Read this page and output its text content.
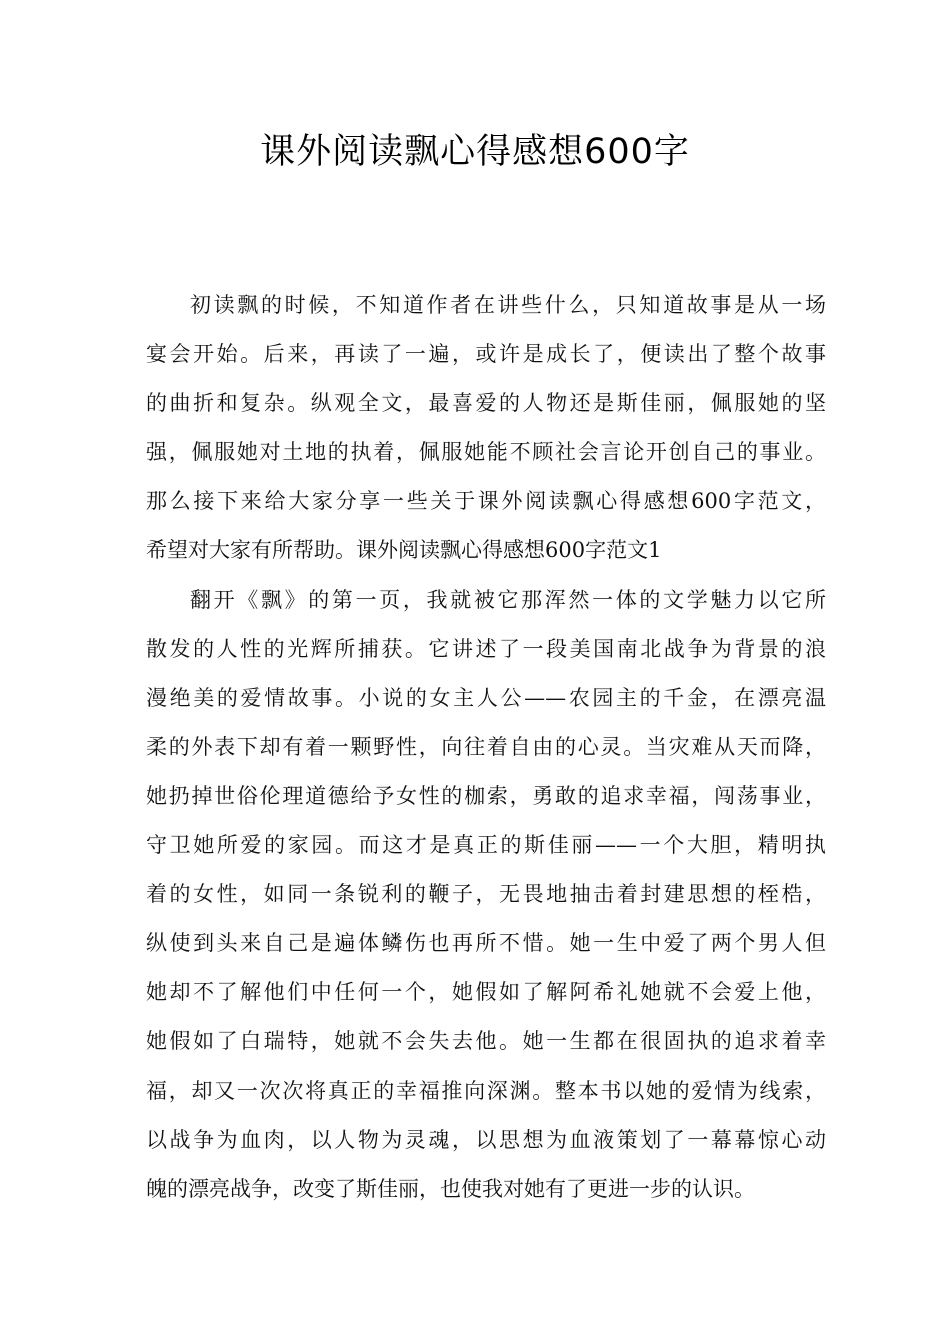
课外阅读飘心得感想600字
初读飘的时候，不知道作者在讲些什么，只知道故事是从一场
宴会开始。后来，再读了一遍，或许是成长了，便读出了整个故事
的曲折和复杂。纵观全文，最喜爱的人物还是斯佳丽，佩服她的坚
强，佩服她对土地的执着，佩服她能不顾社会言论开创自己的事业。
那么接下来给大家分享一些关于课外阅读飘心得感想600字范文，
希望对大家有所帮助。课外阅读飘心得感想600字范文1
翻开《飘》的第一页，我就被它那浑然一体的文学魅力以它所
散发的人性的光辉所捕获。它讲述了一段美国南北战争为背景的浪
漫绝美的爱情故事。小说的女主人公——农园主的千金，在漂亮温
柔的外表下却有着一颗野性，向往着自由的心灵。当灾难从天而降，
她扔掉世俗伦理道德给予女性的枷索，勇敢的追求幸福，闯荡事业，
守卫她所爱的家园。而这才是真正的斯佳丽——一个大胆，精明执
着的女性，如同一条锐利的鞭子，无畏地抽击着封建思想的桎梏，
纵使到头来自己是遍体鳞伤也再所不惜。她一生中爱了两个男人但
她却不了解他们中任何一个，她假如了解阿希礼她就不会爱上他，
她假如了白瑞特，她就不会失去他。她一生都在很固执的追求着幸
福，却又一次次将真正的幸福推向深渊。整本书以她的爱情为线索，
以战争为血肉，以人物为灵魂，以思想为血液策划了一幕幕惊心动
魄的漂亮战争，改变了斯佳丽，也使我对她有了更进一步的认识。
